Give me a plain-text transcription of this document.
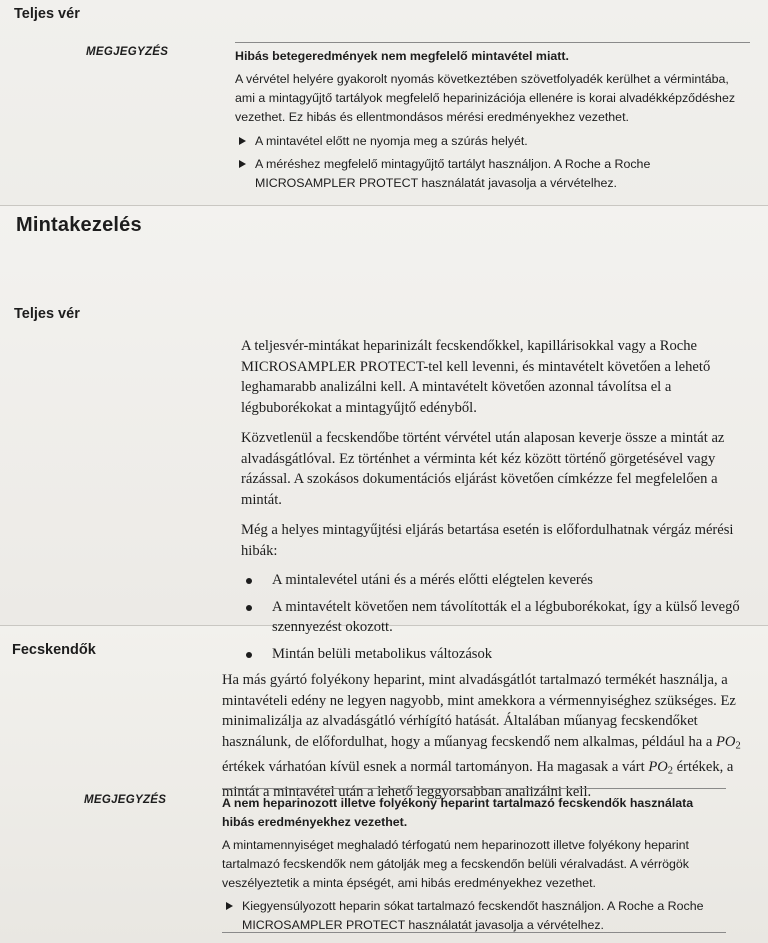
Teljes vér
MEGJEGYZÉS	Hibás betegeredmények nem megfelelő mintavétel miatt.

A vérvétel helyére gyakorolt nyomás következtében szövetfolyadék kerülhet a vérmintába, ami a mintagyűjtő tartályok megfelelő heparinizációja ellenére is korai alvadékképződéshez vezethet. Ez hibás és ellentmondásos mérési eredményekhez vezethet.

A mintavétel előtt ne nyomja meg a szúrás helyét.
A méréshez megfelelő mintagyűjtő tartályt használjon. A Roche a Roche MICROSAMPLER PROTECT használatát javasolja a vérvételhez.
Mintakezelés
Teljes vér

A teljesvér-mintákat heparinizált fecskendőkkel, kapillárisokkal vagy a Roche MICROSAMPLER PROTECT-tel kell levenni, és mintavételt követően a lehető leghamarabb analizálni kell. A mintavételt követően azonnal távolítsa el a légbuborékokat a mintagyűjtő edényből.

Közvetlenül a fecskendőbe történt vérvétel után alaposan keverje össze a mintát az alvadásgátlóval. Ez történhet a vérminta két kéz között történő görgetésével vagy rázással. A szokásos dokumentációs eljárást követően címkézze fel megfelelően a mintát.

Még a helyes mintagyűjtési eljárás betartása esetén is előfordulhatnak vérgáz mérési hibák:

A mintalevétel utáni és a mérés előtti elégtelen keverés
A mintavételt követően nem távolították el a légbuborékokat, így a külső levegő szennyezést okozott.
Mintán belüli metabolikus változások
Fecskendők
Ha más gyártó folyékony heparint, mint alvadásgátlót tartalmazó termékét használja, a mintavételi edény ne legyen nagyobb, mint amekkora a vérmennyiséghez szükséges. Ez minimalizálja az alvadásgátló vérhígító hatását. Általában műanyag fecskendőket használunk, de előfordulhat, hogy a műanyag fecskendő nem alkalmas, például ha a $PO_2$ értékek várhatóan kívül esnek a normál tartományon. Ha magasak a várt $PO_2$ értékek, a mintát a mintavétel után a lehető leggyorsabban analizálni kell.
MEGJEGYZÉS	A nem heparinozott illetve folyékony heparint tartalmazó fecskendők használata hibás eredményekhez vezethet.

A mintamennyiséget meghaladó térfogatú nem heparinozott illetve folyékony heparint tartalmazó fecskendők nem gátolják meg a fecskendőn belüli véralvadást. A vérrögök veszélyeztetik a minta épségét, ami hibás eredményekhez vezethet.

Kiegyensúlyozott heparin sókat tartalmazó fecskendőt használjon. A Roche a Roche MICROSAMPLER PROTECT használatát javasolja a vérvételhez.
